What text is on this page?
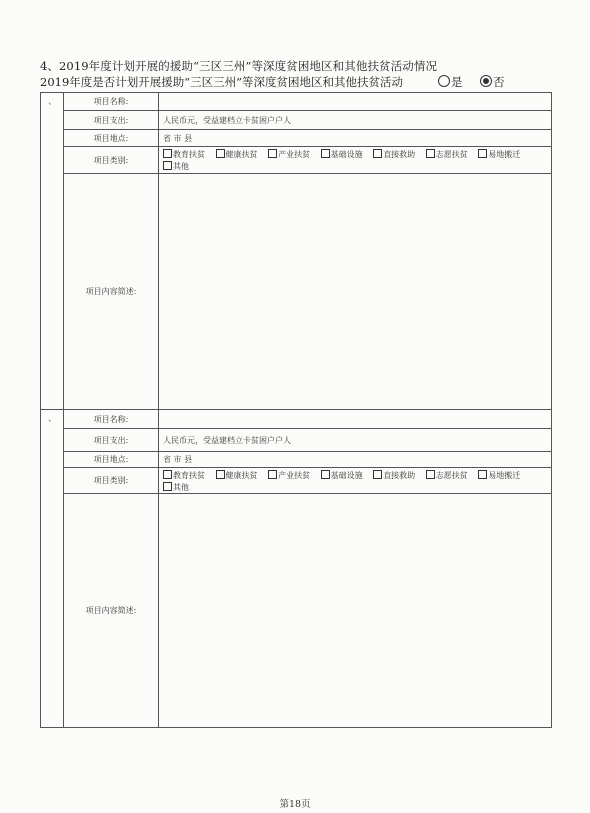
4、2019年度计划开展的援助“三区三州”等深度贫困地区和其他扶贫活动情况
2019年度是否计划开展援助“三区三州”等深度贫困地区和其他扶贫活动	是	否
、	项目名称:
项目支出:	人民币元，受益建档立卡贫困户户人
项目地点:	省 市 县
项目类别:
教育扶贫	健康扶贫	产业扶贫	基础设施	直接救助	志愿扶贫	易地搬迁 其他
项目内容简述:
、	项目名称:
项目支出:	人民币元，受益建档立卡贫困户户人
项目地点:	省 市 县
项目类别:
教育扶贫	健康扶贫	产业扶贫	基础设施	直接救助	志愿扶贫	易地搬迁 其他
项目内容简述:
第18页
